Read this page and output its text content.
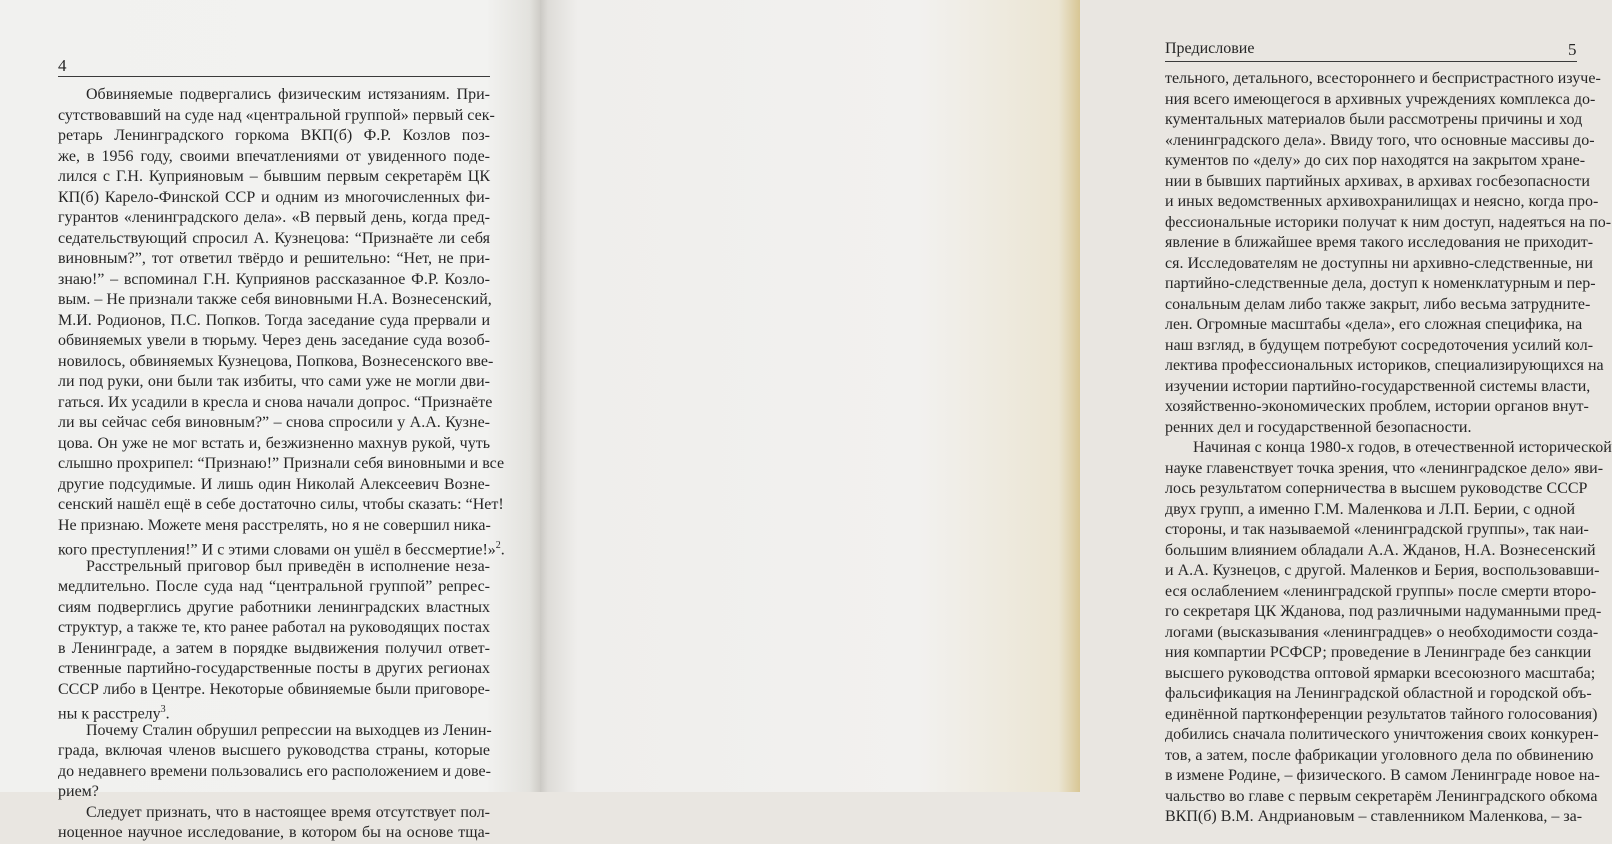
4
Обвиняемые подвергались физическим истязаниям. При-
сутствовавший на суде над «центральной группой» первый сек-
ретарь Ленинградского горкома ВКП(б) Ф.Р. Козлов поз-
же, в 1956 году, своими впечатлениями от увиденного поде-
лился с Г.Н. Куприяновым – бывшим первым секретарём ЦК
КП(б) Карело-Финской ССР и одним из многочисленных фи-
гурантов «ленинградского дела». «В первый день, когда пред-
седательствующий спросил А. Кузнецова: “Признаёте ли себя
виновным?”, тот ответил твёрдо и решительно: “Нет, не при-
знаю!” – вспоминал Г.Н. Куприянов рассказанное Ф.Р. Козло-
вым. – Не признали также себя виновными Н.А. Вознесенский,
М.И. Родионов, П.С. Попков. Тогда заседание суда прервали и
обвиняемых увели в тюрьму. Через день заседание суда возоб-
новилось, обвиняемых Кузнецова, Попкова, Вознесенского вве-
ли под руки, они были так избиты, что сами уже не могли дви-
гаться. Их усадили в кресла и снова начали допрос. “Признаёте
ли вы сейчас себя виновным?” – снова спросили у А.А. Кузне-
цова. Он уже не мог встать и, безжизненно махнув рукой, чуть
слышно прохрипел: “Признаю!” Признали себя виновными и все
другие подсудимые. И лишь один Николай Алексеевич Возне-
сенский нашёл ещё в себе достаточно силы, чтобы сказать: “Нет!
Не признаю. Можете меня расстрелять, но я не совершил ника-
кого преступления!” И с этими словами он ушёл в бессмертие!»$^2$.
Расстрельный приговор был приведён в исполнение неза-
медлительно. После суда над “центральной группой” репрес-
сиям подверглись другие работники ленинградских властных
структур, а также те, кто ранее работал на руководящих постах
в Ленинграде, а затем в порядке выдвижения получил ответ-
ственные партийно-государственные посты в других регионах
СССР либо в Центре. Некоторые обвиняемые были приговоре-
ны к расстрелу$^3$.
Почему Сталин обрушил репрессии на выходцев из Ленин-
града, включая членов высшего руководства страны, которые
до недавнего времени пользовались его расположением и дове-
рием?
Следует признать, что в настоящее время отсутствует пол-
ноценное научное исследование, в котором бы на основе тща-
Предисловие	5
тельного, детального, всестороннего и беспристрастного изуче-
ния всего имеющегося в архивных учреждениях комплекса до-
кументальных материалов были рассмотрены причины и ход
«ленинградского дела». Ввиду того, что основные массивы до-
кументов по «делу» до сих пор находятся на закрытом хране-
нии в бывших партийных архивах, в архивах госбезопасности
и иных ведомственных архивохранилищах и неясно, когда про-
фессиональные историки получат к ним доступ, надеяться на по-
явление в ближайшее время такого исследования не приходит-
ся. Исследователям не доступны ни архивно-следственные, ни
партийно-следственные дела, доступ к номенклатурным и пер-
сональным делам либо также закрыт, либо весьма затрудните-
лен. Огромные масштабы «дела», его сложная специфика, на
наш взгляд, в будущем потребуют сосредоточения усилий кол-
лектива профессиональных историков, специализирующихся на
изучении истории партийно-государственной системы власти,
хозяйственно-экономических проблем, истории органов внут-
ренних дел и государственной безопасности.
Начиная с конца 1980-х годов, в отечественной исторической
науке главенствует точка зрения, что «ленинградское дело» яви-
лось результатом соперничества в высшем руководстве СССР
двух групп, а именно Г.М. Маленкова и Л.П. Берии, с одной
стороны, и так называемой «ленинградской группы», так наи-
большим влиянием обладали А.А. Жданов, Н.А. Вознесенский
и А.А. Кузнецов, с другой. Маленков и Берия, воспользовавши-
еся ослаблением «ленинградской группы» после смерти второ-
го секретаря ЦК Жданова, под различными надуманными пред-
логами (высказывания «ленинградцев» о необходимости созда-
ния компартии РСФСР; проведение в Ленинграде без санкции
высшего руководства оптовой ярмарки всесоюзного масштаба;
фальсификация на Ленинградской областной и городской объ-
единённой партконференции результатов тайного голосования)
добились сначала политического уничтожения своих конкурен-
тов, а затем, после фабрикации уголовного дела по обвинению
в измене Родине, – физического. В самом Ленинграде новое на-
чальство во главе с первым секретарём Ленинградского обкома
ВКП(б) В.М. Андриановым – ставленником Маленкова, – за-
